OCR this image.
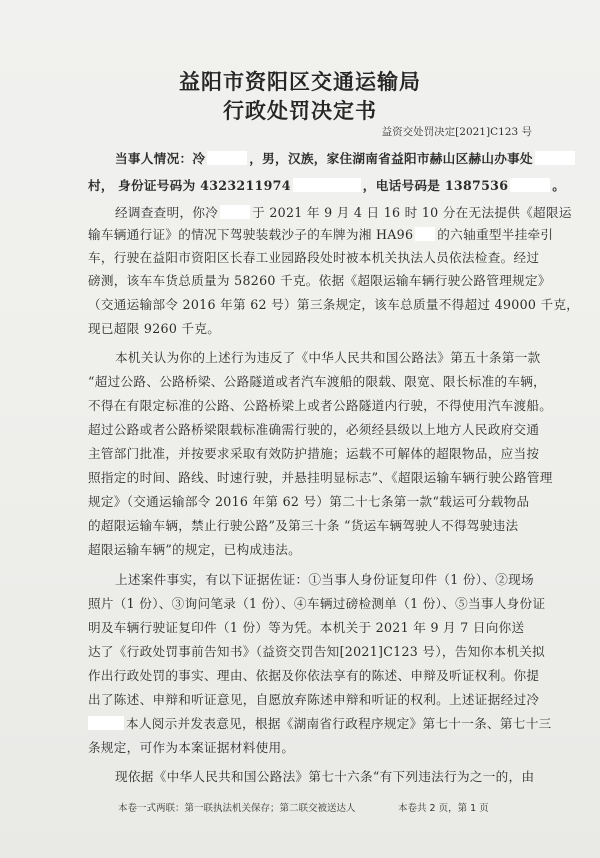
益阳市资阳区交通运输局
行政处罚决定书
益资交处罚决定[2021]C123 号
当事人情况：冷	，男，汉族，家住湖南省益阳市赫山区赫山办事处
村， 身份证号码为 4323211974	，电话号码是 1387536	。
经调查查明，你冷	于 2021 年 9 月 4 日 16 时 10 分在无法提供《超限运
输车辆通行证》的情况下驾驶装载沙子的车牌为湘 HA96 的六轴重型半挂牵引
车，行驶在益阳市资阳区长春工业园路段处时被本机关执法人员依法检查。经过
磅测，该车车货总质量为 58260 千克。依据《超限运输车辆行驶公路管理规定》
（交通运输部令 2016 年第 62 号）第三条规定，该车总质量不得超过 49000 千克，
现已超限 9260 千克。
本机关认为你的上述行为违反了《中华人民共和国公路法》第五十条第一款
“超过公路、公路桥梁、公路隧道或者汽车渡船的限载、限宽、限长标准的车辆，
不得在有限定标准的公路、公路桥梁上或者公路隧道内行驶，不得使用汽车渡船。
超过公路或者公路桥梁限载标准确需行驶的，必须经县级以上地方人民政府交通
主管部门批准，并按要求采取有效防护措施；运载不可解体的超限物品，应当按
照指定的时间、路线、时速行驶，并悬挂明显标志”、《超限运输车辆行驶公路管理
规定》（交通运输部令 2016 年第 62 号）第二十七条第一款“载运可分载物品
的超限运输车辆，禁止行驶公路”及第三十条 “货运车辆驾驶人不得驾驶违法
超限运输车辆”的规定，已构成违法。
上述案件事实，有以下证据佐证：①当事人身份证复印件（1 份）、②现场
照片（1 份）、③询问笔录（1 份）、④车辆过磅检测单（1 份）、⑤当事人身份证
明及车辆行驶证复印件（1 份）等为凭。本机关于 2021 年 9 月 7 日向你送
达了《行政处罚事前告知书》（益资交罚告知[2021]C123 号），告知你本机关拟
作出行政处罚的事实、理由、依据及你依法享有的陈述、申辩及听证权利。你提
出了陈述、申辩和听证意见，自愿放弃陈述申辩和听证的权利。上述证据经过冷
本人阅示并发表意见，根据《湖南省行政程序规定》第七十一条、第七十三
条规定，可作为本案证据材料使用。
现依据《中华人民共和国公路法》第七十六条“有下列违法行为之一的，由
本卷一式两联：第一联执法机关保存；第二联交被送达人	本卷共 2 页，第 1 页
